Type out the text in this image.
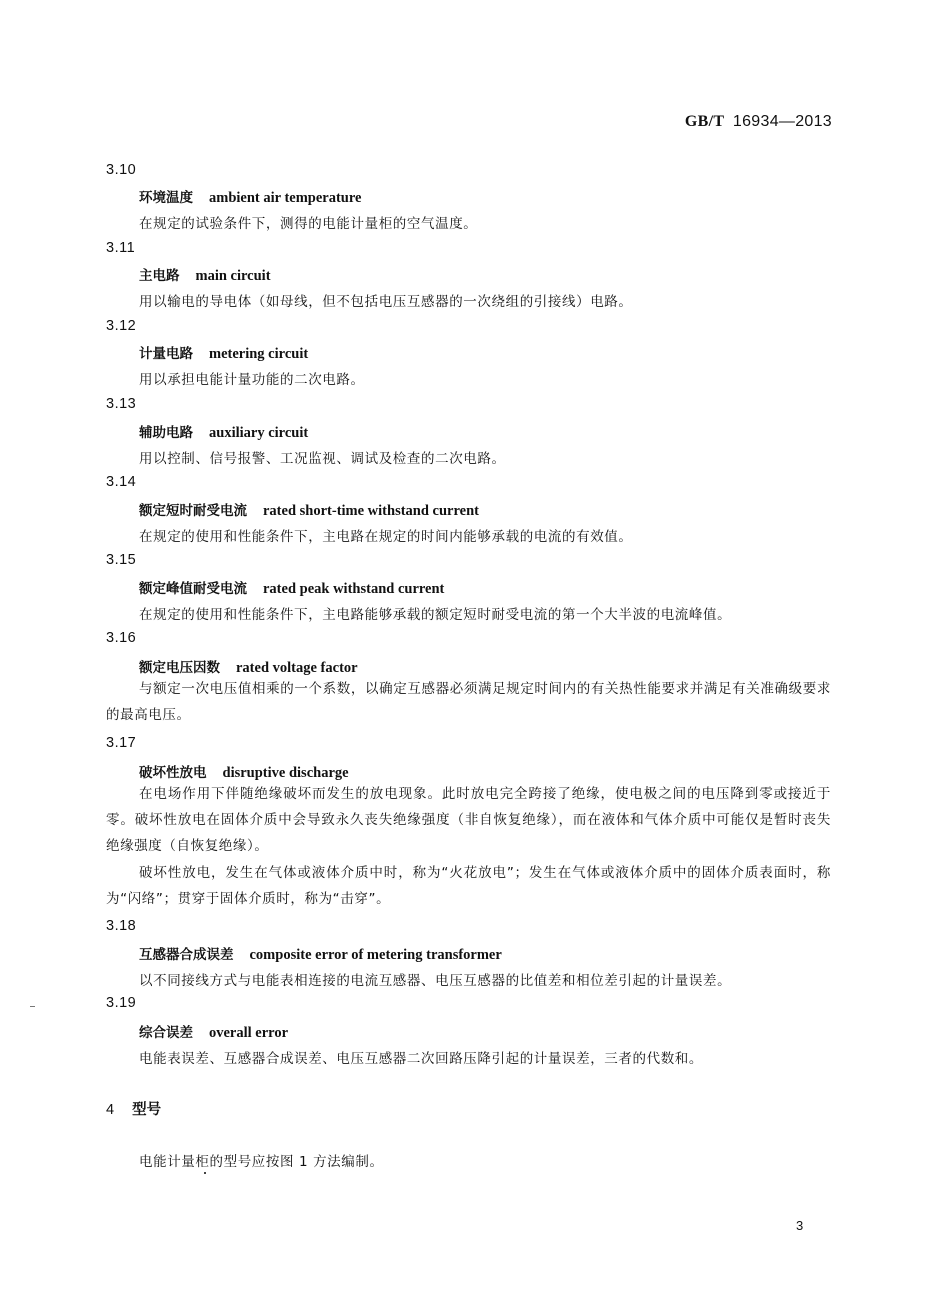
GB/T 16934—2013
3.10
环境温度 ambient air temperature
在规定的试验条件下，测得的电能计量柜的空气温度。
3.11
主电路 main circuit
用以输电的导电体（如母线，但不包括电压互感器的一次绕组的引接线）电路。
3.12
计量电路 metering circuit
用以承担电能计量功能的二次电路。
3.13
辅助电路 auxiliary circuit
用以控制、信号报警、工况监视、调试及检查的二次电路。
3.14
额定短时耐受电流 rated short-time withstand current
在规定的使用和性能条件下，主电路在规定的时间内能够承载的电流的有效值。
3.15
额定峰值耐受电流 rated peak withstand current
在规定的使用和性能条件下，主电路能够承载的额定短时耐受电流的第一个大半波的电流峰值。
3.16
额定电压因数 rated voltage factor
与额定一次电压值相乘的一个系数，以确定互感器必须满足规定时间内的有关热性能要求并满足有关准确级要求的最高电压。
3.17
破坏性放电 disruptive discharge
在电场作用下伴随绝缘破坏而发生的放电现象。此时放电完全跨接了绝缘，使电极之间的电压降到零或接近于零。破坏性放电在固体介质中会导致永久丧失绝缘强度（非自恢复绝缘），而在液体和气体介质中可能仅是暂时丧失绝缘强度（自恢复绝缘）。
破坏性放电，发生在气体或液体介质中时，称为“火花放电”；发生在气体或液体介质中的固体介质表面时，称为“闪络”；贯穿于固体介质时，称为“击穿”。
3.18
互感器合成误差 composite error of metering transformer
以不同接线方式与电能表相连接的电流互感器、电压互感器的比值差和相位差引起的计量误差。
3.19
综合误差 overall error
电能表误差、互感器合成误差、电压互感器二次回路压降引起的计量误差，三者的代数和。
4 型号
电能计量柜的型号应按图 1 方法编制。
3
